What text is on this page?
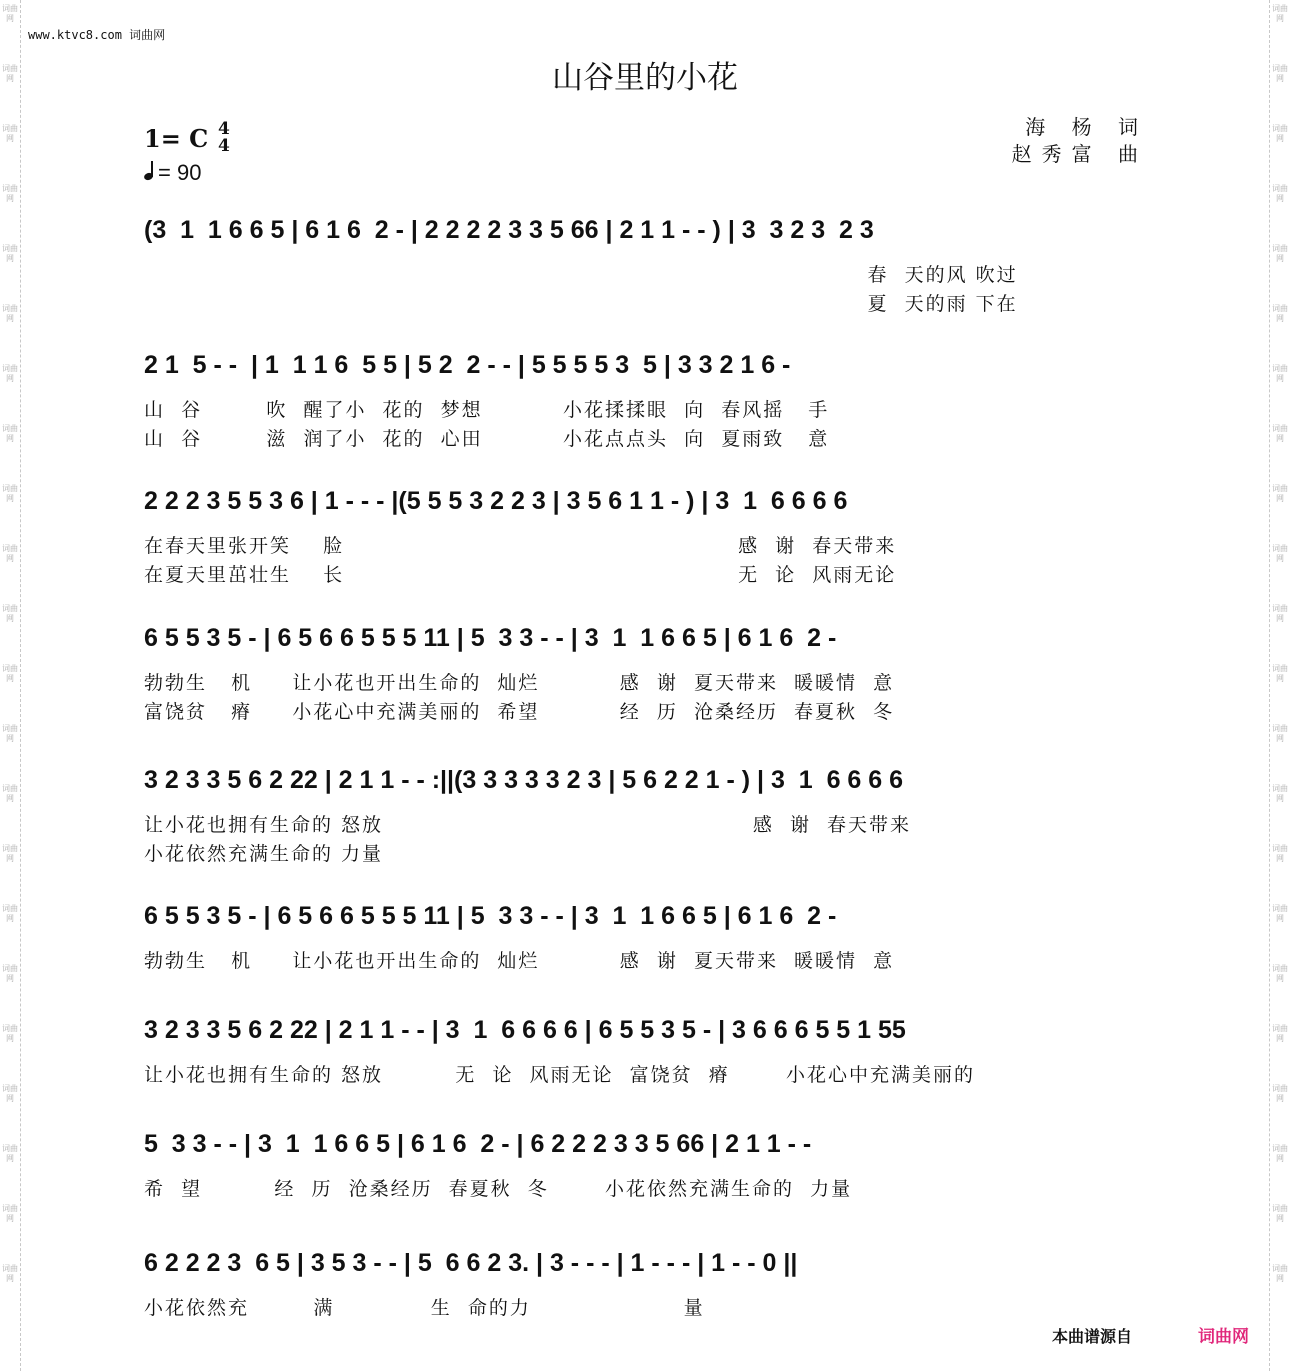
词曲网
词曲网
词曲网
词曲网
词曲网
词曲网
词曲网
词曲网
词曲网
词曲网
词曲网
词曲网
词曲网
词曲网
词曲网
词曲网
词曲网
词曲网
词曲网
词曲网
词曲网
词曲网
词曲网
词曲网
词曲网
词曲网
词曲网
词曲网
词曲网
词曲网
词曲网
词曲网
词曲网
词曲网
词曲网
词曲网
词曲网
词曲网
词曲网
词曲网
词曲网
词曲网
词曲网
词曲网
www.ktvc8.com 词曲网
山谷里的小花
海 杨 词
赵秀富 曲
1= C 4
4
= 90
(3  1  1 6 6 5 | 6 1 6  2 - | 2 2 2 2 3 3 5 66 | 2 1 1 - - ) | 3  3 2 3  2 3
春  天的风 吹过
夏  天的雨 下在
2 1  5 - -  | 1  1 1 6  5 5 | 5 2  2 - - | 5 5 5 5 3  5 | 3 3 2 1 6 -
山  谷        吹  醒了小  花的  梦想          小花揉揉眼  向  春风摇   手
山  谷        滋  润了小  花的  心田          小花点点头  向  夏雨致   意
2 2 2 3 5 5 3 6 | 1 - - - |(5 5 5 3 2 2 3 | 3 5 6 1 1 - ) | 3  1  6 6 6 6
在春天里张开笑    脸                                                 感  谢  春天带来
在夏天里茁壮生    长                                                 无  论  风雨无论
6 5 5 3 5 - | 6 5 6 6 5 5 5 11 | 5  3 3 - - | 3  1  1 6 6 5 | 6 1 6  2 -
勃勃生   机     让小花也开出生命的  灿烂          感  谢  夏天带来  暖暖情  意
富饶贫   瘠     小花心中充满美丽的  希望          经  历  沧桑经历  春夏秋  冬
3 2 3 3 5 6 2 22 | 2 1 1 - - :||(3 3 3 3 3 2 3 | 5 6 2 2 1 - ) | 3  1  6 6 6 6
让小花也拥有生命的 怒放                                              感  谢  春天带来
小花依然充满生命的 力量
6 5 5 3 5 - | 6 5 6 6 5 5 5 11 | 5  3 3 - - | 3  1  1 6 6 5 | 6 1 6  2 -
勃勃生   机     让小花也开出生命的  灿烂          感  谢  夏天带来  暖暖情  意
3 2 3 3 5 6 2 22 | 2 1 1 - - | 3  1  6 6 6 6 | 6 5 5 3 5 - | 3 6 6 6 5 5 1 55
让小花也拥有生命的 怒放         无  论  风雨无论  富饶贫  瘠       小花心中充满美丽的
5  3 3 - - | 3  1  1 6 6 5 | 6 1 6  2 - | 6 2 2 2 3 3 5 66 | 2 1 1 - -
希  望         经  历  沧桑经历  春夏秋  冬       小花依然充满生命的  力量
6 2 2 2 3  6 5 | 3 5 3 - - | 5  6 6 2 3. | 3 - - - | 1 - - - | 1 - - 0 ||
小花依然充        满            生  命的力                   量
本曲谱源自	词曲网
